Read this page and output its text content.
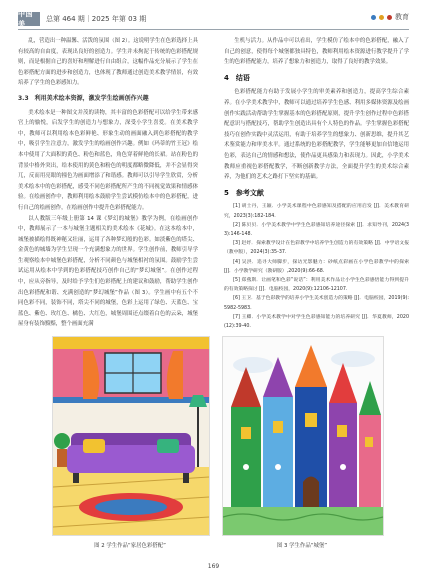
中国美
总第 464 期｜2025 年第 03 期	教育

乱，营造出一种温馨、活泼的氛围（图 2）。这说明学生在色彩选择上具有较高的自由度，表现出良好的创造力。学生并未拘泥于传统的色彩搭配规则，而是根据自己的喜好和理解进行自由组合，这幅作品充分展示了学生在色彩搭配方面的进步和创造力，也体现了教师通过创造美术教学情景，有效培养了学生的色彩感知力。

3.3　利用美术绘本资源，激发学生绘画创作兴趣

美术绘本是一种图文并茂的读物，其丰富的色彩搭配可以给学生带来感官上的愉悦，启发学生的创造力与想象力，深受小学生喜爱。在美术教学中，教师可以利用绘本色彩鲜艳、形象生动的画面融入到色彩搭配的教学中，吸引学生注意力，激发学生的绘画创作兴趣。例如《玛蒂的竹王冠》绘本中使用了大面积的黄色、粉色和蓝色，角色穿着鲜艳的长裙。站在粉色的背景中格外突出，给本使用的黄色和粉色的明度都略微降低，并不会显得突兀，反而用亮眼的撞色为画面增添了和谐感。教师可以引导学生欣赏，分析美术绘本中的色彩搭配，感受不同色彩搭配所产生的不同视觉效果和情感体验。在绘画创作中，教师利用绘本鼓励学生尝试模仿绘本中的色彩搭配，进行自己的绘画创作，在绘画创作中提升色彩搭配能力。

以人教版三年级上册第 14 课《梦幻的城堡》教学为例，在绘画创作中，教师展示了一本与城堡主题相关的美术绘本《花城》。在这本绘本中，城堡被描绘得既神秘又壮丽，运用了各种梦幻般的色彩。如淡紫色的塔尖、金黄色的城墙为学生呈现一个充满想象力的世界。学生创作前，教师引导学生观察绘本中城堡色彩搭配，分析不同颜色与城堡相衬的氛围。鼓励学生尝试运用从绘本中学到的色彩搭配技巧创作自己的“梦幻城堡”。在创作过程中，应从旁指导，及时给予学生们色彩搭配上的建议和鼓励，帮助学生创作出色彩搭配和谐、充满创造的“梦幻城堡”作品（图 3）。学生画中有五个不同色彩不同，装饰不同，塔尖不同的城堡，色彩上运用了绿色、天蓝色、宝蓝色、紫色、玫红色、橘色、大红色，城堡周围还点缀着白色的云朵，城堡屋身有装饰黯黯，整个画面充满

生机与活力。从作品中可以看出，学生模仿了绘本中的色彩搭配，融入了自己的创意，使得每个城堡都独具特色，教师利用绘本资源进行教学提升了学生的色彩搭配能力，培养了想象力和创造力，取得了良好的教学效果。

4　结语

色彩搭配能力有助于发展小学生的审美素养和创造力，提高学生综合素养。在小学美术教学中，教师可以通过培养学生色感、利用多媒体资源及绘画创作实践活动帮助学生掌握基本的色彩搭配原则，提升学生创作过程中色彩搭配意识与搭配技巧，帮助学生创造出具有个人特色的作品。学生掌握色彩搭配技巧在创作实践中灵活运用，有助于培养学生的想象力、创新思维，提升其艺术鉴赏能力和审美水平。通过系统的色彩搭配教学，学生能够更加自信地运用色彩，表达自己的情感和想法，使作品更具感染力和表现力。因此，小学美术教师应重视色彩搭配教学，不断创新教学方法，全面提升学生的美术综合素养，为他们的艺术之路打下坚实的基础。

5　参考文献

[1] 胡士丹，王颖．小学美术课程中色彩感知及搭配的应用启发 [J]．美术教育研究，2023(3):182-184.

[2] 陈贝贝．小学美术教学中学生色彩感知培养途径探索 [J]．求知导刊，2024(33):146-148.

[3] 赵妤．探索教学设计在色彩教学中培养学生创造力的有效策略 [J]．中学语文报（教中版），2024(3):35-37.

[4] 吴洪．追寻大师脚步，探访光影魅力：砂纸点彩画在小学色彩教学中的探索 [J]．小学教学研究（教研版）,2020(9):66-68.

[5] 郑燕斯．让画笔和色彩“说话”：利用美术作品让小学生色彩感悟能力得到提升的有效策略探讨 [J]．电脑校园，2020(9):12106-12107.

[6] 王卫．基于色彩教学的培养小学生美术创造力的策略 [J]．电脑校园，2019(9):5982-5983.

[7] 王卿．小学美术教学中对学生色彩感知能力的培养研究 [J]．华夏教师，2020(12):39-40.

图 2 学生作品“家居色彩搭配”	图 3 学生作品“城堡”
169
